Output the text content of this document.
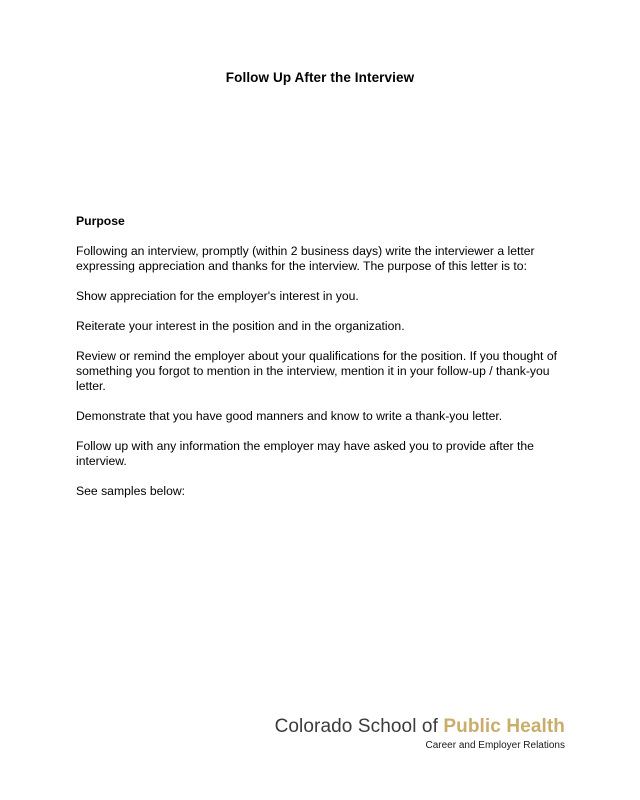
Follow Up After the Interview
Purpose

Following an interview, promptly (within 2 business days) write the interviewer a letter expressing appreciation and thanks for the interview. The purpose of this letter is to:

Show appreciation for the employer's interest in you.

Reiterate your interest in the position and in the organization.

Review or remind the employer about your qualifications for the position. If you thought of something you forgot to mention in the interview, mention it in your follow-up / thank-you letter.

Demonstrate that you have good manners and know to write a thank-you letter.

Follow up with any information the employer may have asked you to provide after the interview.

See samples below:

Colorado School of Public Health
Career and Employer Relations
